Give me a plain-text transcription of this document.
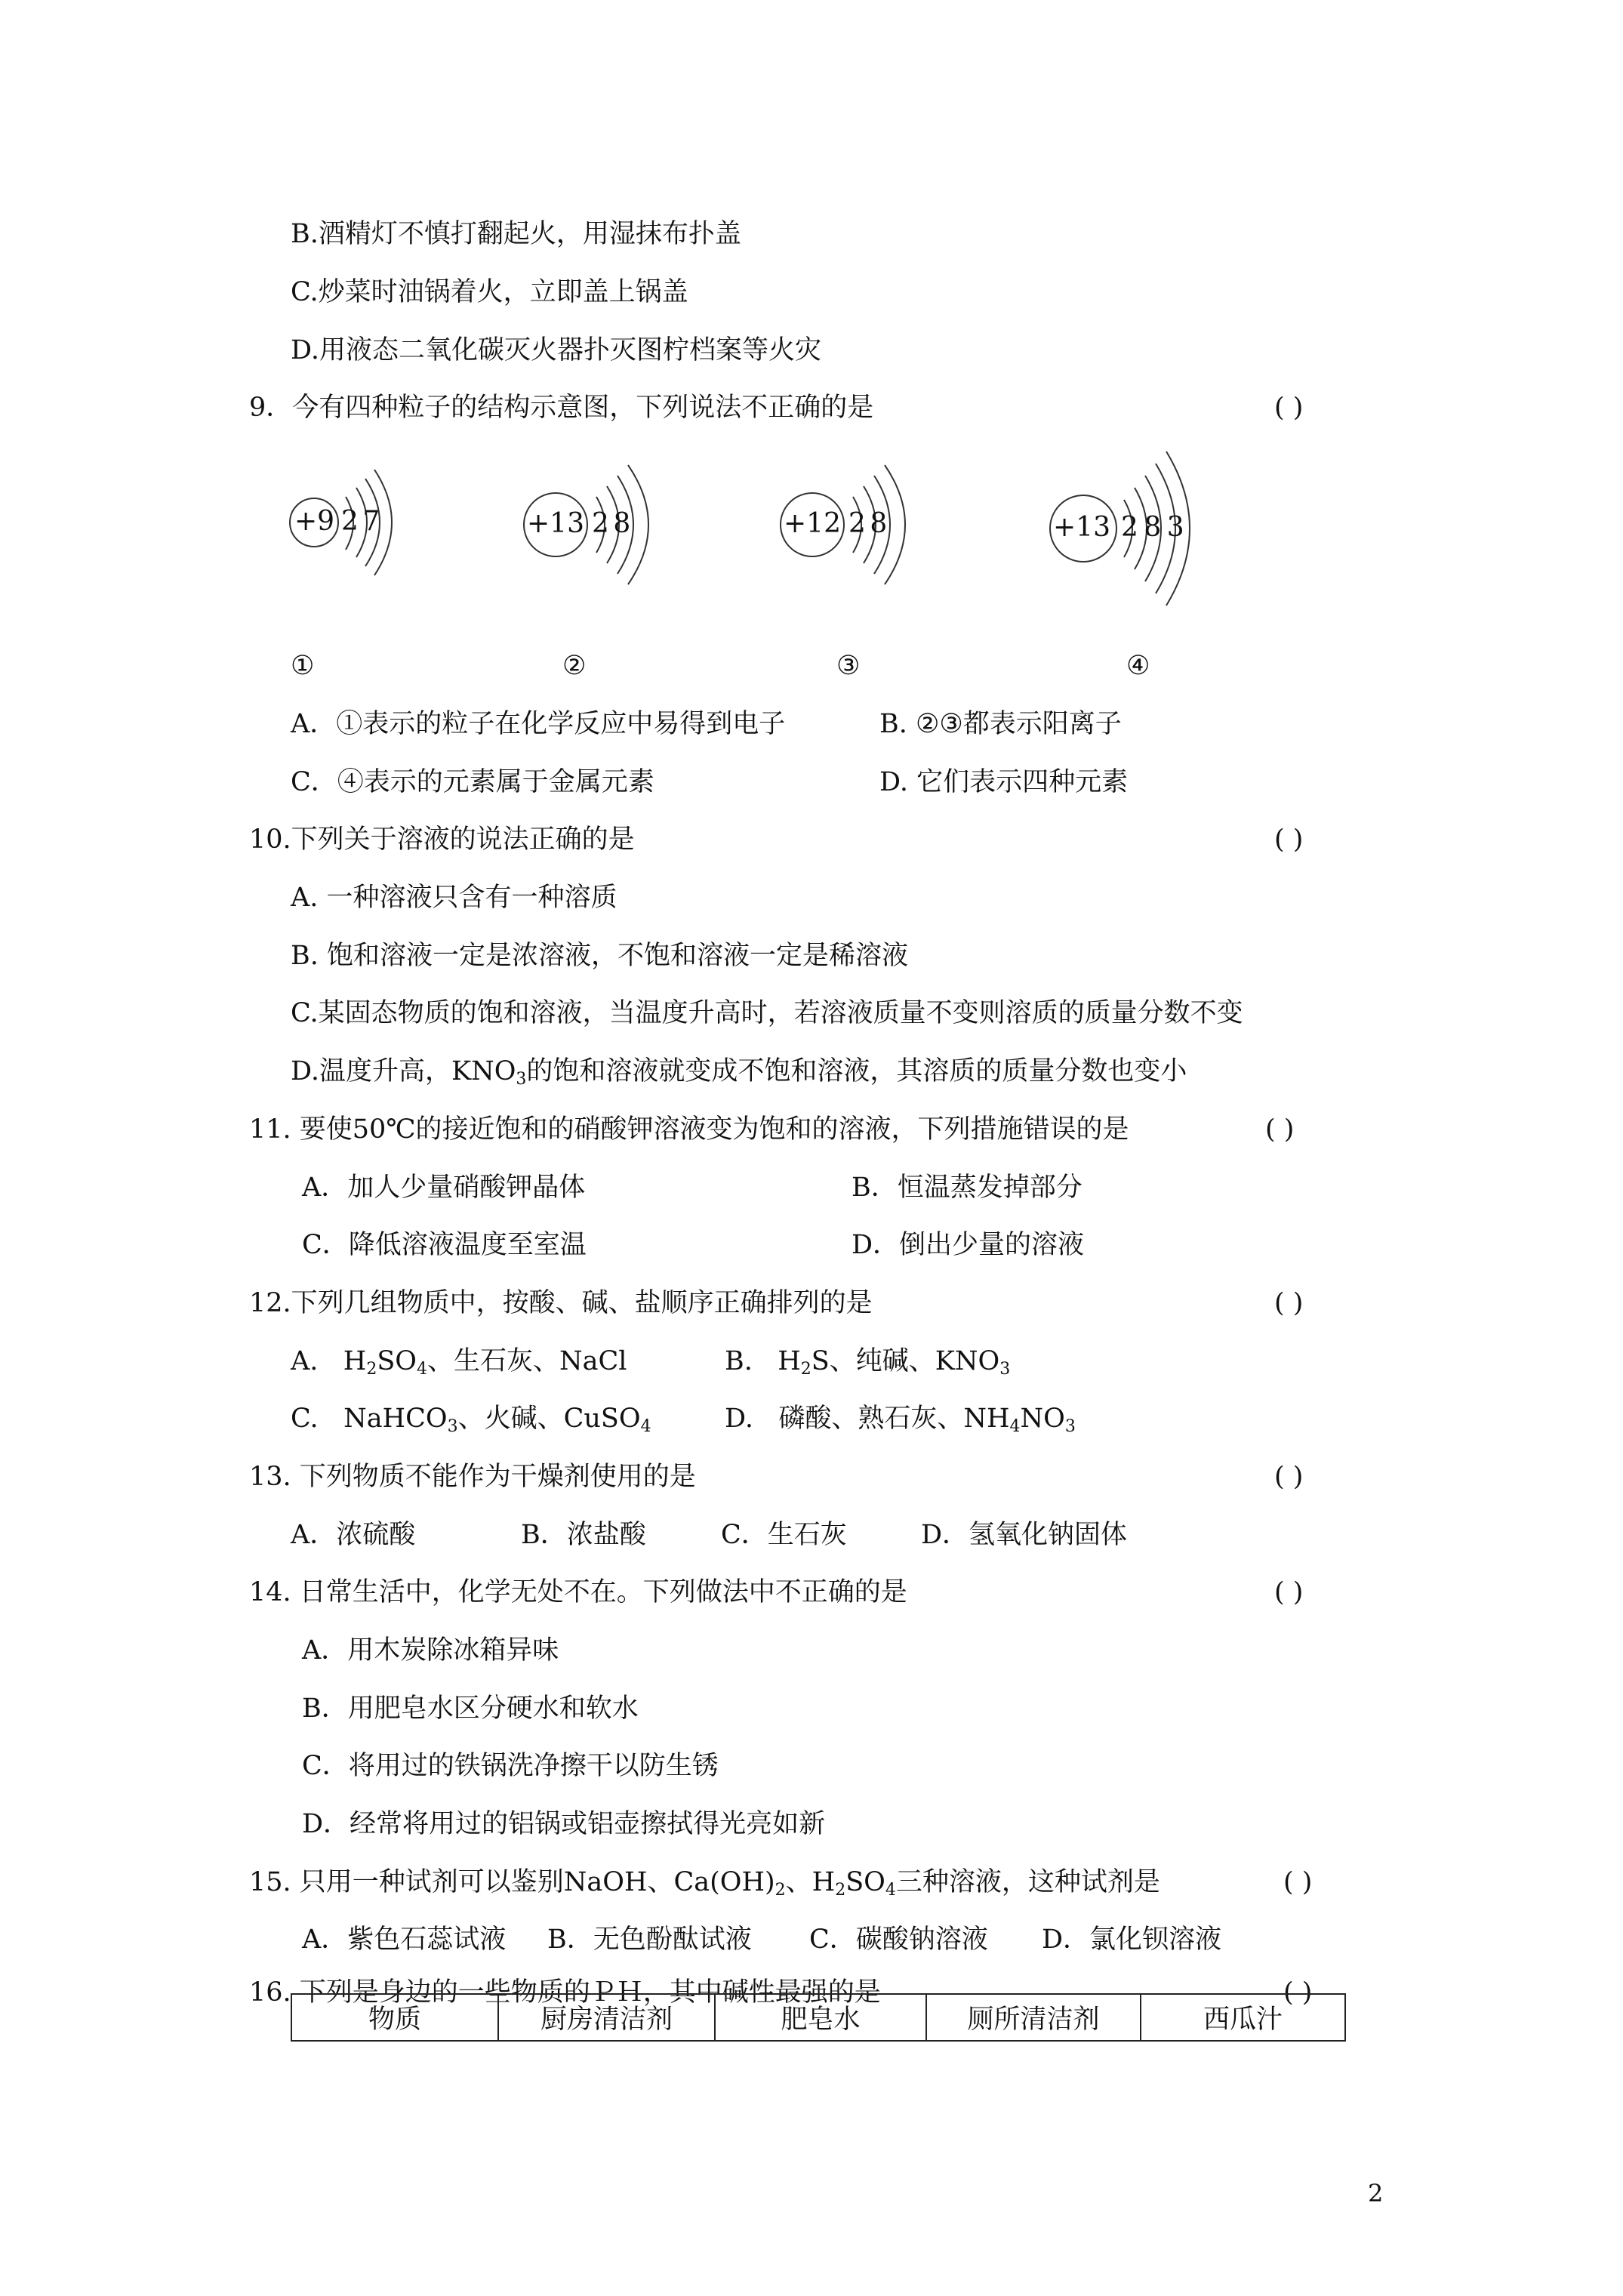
B.酒精灯不慎打翻起火，用湿抹布扑盖
C.炒菜时油锅着火，立即盖上锅盖
D.用液态二氧化碳灭火器扑灭图柠档案等火灾
9．今有四种粒子的结构示意图，下列说法不正确的是	( )
+9 2 7	+13 2 8	+12 2 8	+13 2 8 3
①	②	③	④
A．①表示的粒子在化学反应中易得到电子	B. ②③都表示阳离子
C．④表示的元素属于金属元素	D. 它们表示四种元素
10.下列关于溶液的说法正确的是	( )
A. 一种溶液只含有一种溶质
B. 饱和溶液一定是浓溶液，不饱和溶液一定是稀溶液
C.某固态物质的饱和溶液，当温度升高时，若溶液质量不变则溶质的质量分数不变
D.温度升高，$KNO_3$的饱和溶液就变成不饱和溶液，其溶质的质量分数也变小
11. 要使50℃的接近饱和的硝酸钾溶液变为饱和的溶液，下列措施错误的是	( )
A．加人少量硝酸钾晶体	B．恒温蒸发掉部分
C．降低溶液温度至室温	D．倒出少量的溶液
12.下列几组物质中，按酸、碱、盐顺序正确排列的是	( )
A. $H_2SO_4$、生石灰、NaCl	B. $H_2S$、纯碱、$KNO_3$
C. NaHCO$_3$、火碱、CuSO$_4$	D. 磷酸、熟石灰、$NH_4NO_3$
13. 下列物质不能作为干燥剂使用的是	( )
A．浓硫酸	B．浓盐酸	C．生石灰	D．氢氧化钠固体
14. 日常生活中，化学无处不在。下列做法中不正确的是	( )
A．用木炭除冰箱异味
B．用肥皂水区分硬水和软水
C．将用过的铁锅洗净擦干以防生锈
D．经常将用过的铝锅或铝壶擦拭得光亮如新
15. 只用一种试剂可以鉴别NaOH、$Ca(OH)_2$、$H_2SO_4$三种溶液，这种试剂是	( )
A．紫色石蕊试液 B．无色酚酞试液 C．碳酸钠溶液 D．氯化钡溶液
16. 下列是身边的一些物质的ＰＨ，其中碱性最强的是	( )
物质	厨房清洁剂	肥皂水	厕所清洁剂	西瓜汁
2
